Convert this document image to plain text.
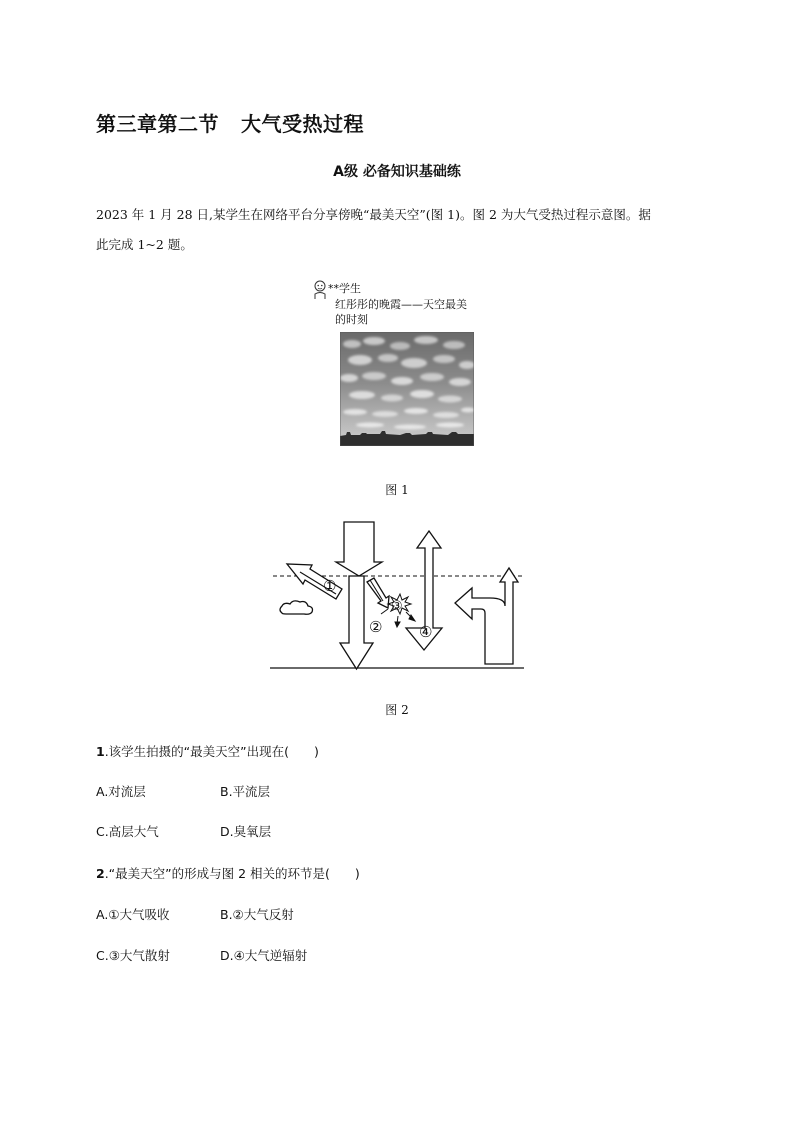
第三章第二节 大气受热过程
A级 必备知识基础练
2023 年 1 月 28 日,某学生在网络平台分享傍晚“最美天空”(图 1)。图 2 为大气受热过程示意图。据
此完成 1~2 题。
**学生
红彤彤的晚霞——天空最美
的时刻
图 1
①
②
③
④
图 2
1.该学生拍摄的“最美天空”出现在(　　)
A.对流层	B.平流层
C.高层大气	D.臭氧层
2.“最美天空”的形成与图 2 相关的环节是(　　)
A.①大气吸收	B.②大气反射
C.③大气散射	D.④大气逆辐射
